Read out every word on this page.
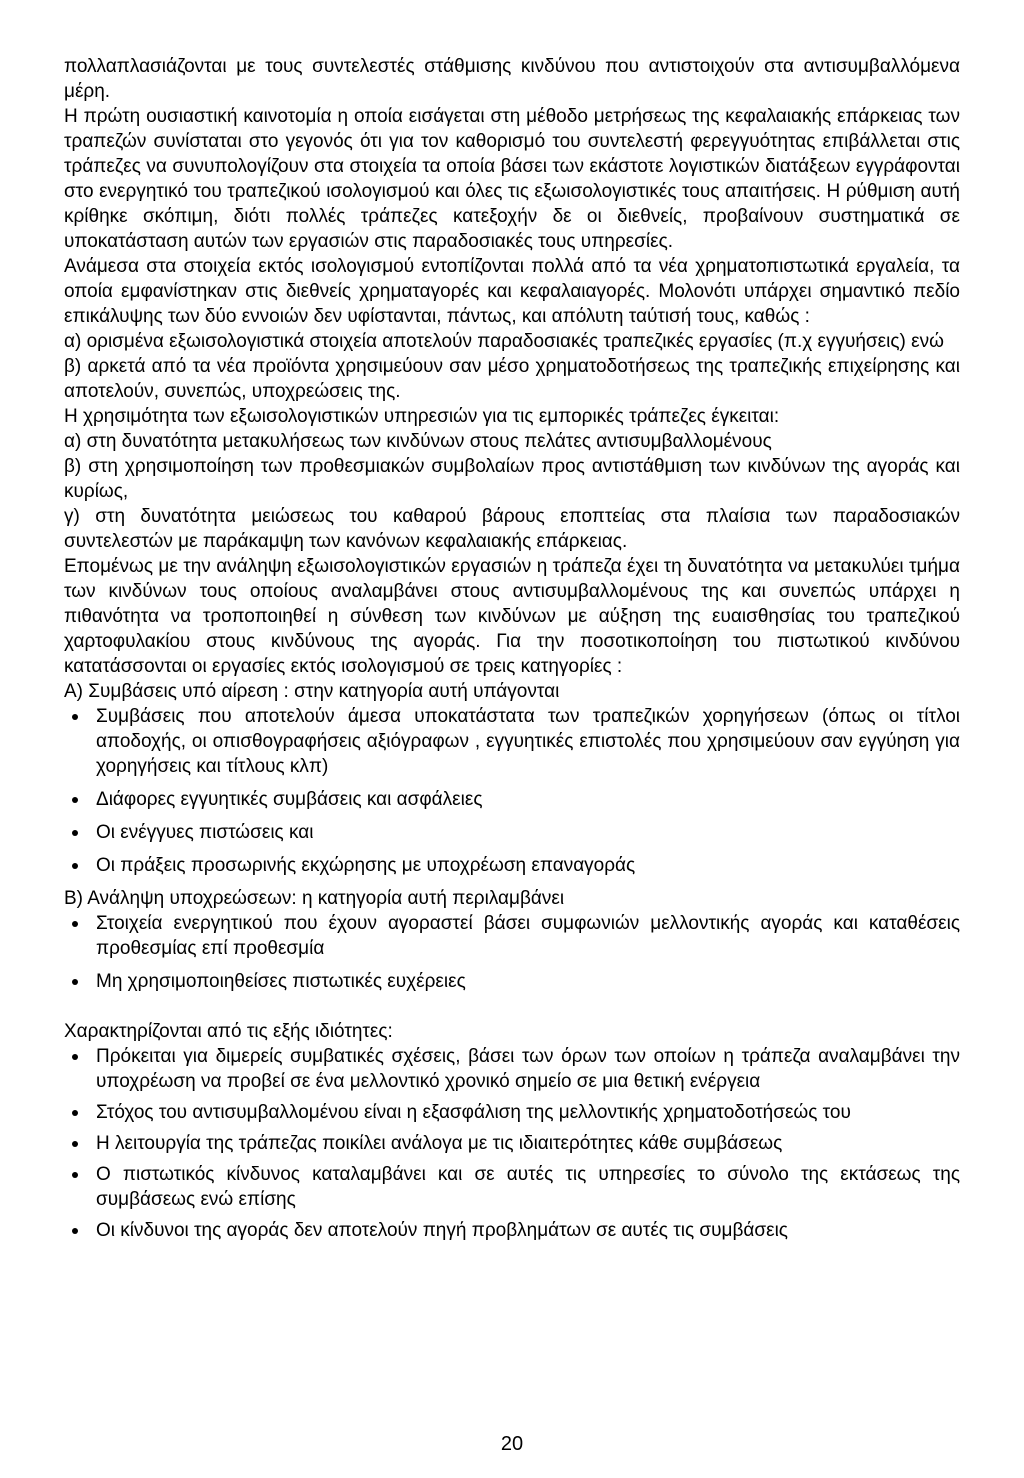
πολλαπλασιάζονται με τους συντελεστές στάθμισης κινδύνου που αντιστοιχούν στα αντισυμβαλλόμενα μέρη.

Η πρώτη ουσιαστική καινοτομία η οποία εισάγεται στη μέθοδο μετρήσεως της κεφαλαιακής επάρκειας των τραπεζών συνίσταται στο γεγονός ότι για τον καθορισμό του συντελεστή φερεγγυότητας επιβάλλεται στις τράπεζες να συνυπολογίζουν στα στοιχεία τα οποία βάσει των εκάστοτε λογιστικών διατάξεων εγγράφονται στο ενεργητικό του τραπεζικού ισολογισμού και όλες τις εξωισολογιστικές τους απαιτήσεις. Η ρύθμιση αυτή κρίθηκε σκόπιμη, διότι πολλές τράπεζες κατεξοχήν δε οι διεθνείς, προβαίνουν συστηματικά σε υποκατάσταση αυτών των εργασιών στις παραδοσιακές τους υπηρεσίες.

Ανάμεσα στα στοιχεία εκτός ισολογισμού εντοπίζονται πολλά από τα νέα χρηματοπιστωτικά εργαλεία, τα οποία εμφανίστηκαν στις διεθνείς χρηματαγορές και κεφαλαιαγορές. Μολονότι υπάρχει σημαντικό πεδίο επικάλυψης των δύο εννοιών δεν υφίστανται, πάντως, και απόλυτη ταύτισή τους, καθώς :

α) ορισμένα εξωισολογιστικά στοιχεία αποτελούν παραδοσιακές τραπεζικές εργασίες (π.χ εγγυήσεις) ενώ

β) αρκετά από τα νέα προϊόντα χρησιμεύουν σαν μέσο χρηματοδοτήσεως της τραπεζικής επιχείρησης και αποτελούν, συνεπώς, υποχρεώσεις της.

Η χρησιμότητα των εξωισολογιστικών υπηρεσιών για τις εμπορικές τράπεζες έγκειται:

α) στη δυνατότητα μετακυλήσεως των κινδύνων στους πελάτες αντισυμβαλλομένους

β) στη χρησιμοποίηση των προθεσμιακών συμβολαίων προς αντιστάθμιση των κινδύνων της αγοράς και κυρίως,

γ) στη δυνατότητα μειώσεως του καθαρού βάρους εποπτείας στα πλαίσια των παραδοσιακών συντελεστών με παράκαμψη των κανόνων κεφαλαιακής επάρκειας.

Επομένως με την ανάληψη εξωισολογιστικών εργασιών η τράπεζα έχει τη δυνατότητα να μετακυλύει τμήμα των κινδύνων τους οποίους αναλαμβάνει στους αντισυμβαλλομένους της και συνεπώς υπάρχει η πιθανότητα να τροποποιηθεί η σύνθεση των κινδύνων με αύξηση της ευαισθησίας του τραπεζικού χαρτοφυλακίου στους κινδύνους της αγοράς. Για την ποσοτικοποίηση του πιστωτικού κινδύνου κατατάσσονται οι εργασίες εκτός ισολογισμού σε τρεις κατηγορίες :

Α) Συμβάσεις υπό αίρεση : στην κατηγορία αυτή υπάγονται

Συμβάσεις που αποτελούν άμεσα υποκατάστατα των τραπεζικών χορηγήσεων (όπως οι τίτλοι αποδοχής, οι οπισθογραφήσεις αξιόγραφων , εγγυητικές επιστολές που χρησιμεύουν σαν εγγύηση για χορηγήσεις και τίτλους κλπ)
Διάφορες εγγυητικές συμβάσεις και ασφάλειες
Οι ενέγγυες πιστώσεις και
Οι πράξεις προσωρινής εκχώρησης με υποχρέωση επαναγοράς

Β) Ανάληψη υποχρεώσεων: η κατηγορία αυτή περιλαμβάνει

Στοιχεία ενεργητικού που έχουν αγοραστεί βάσει συμφωνιών μελλοντικής αγοράς και καταθέσεις προθεσμίας επί προθεσμία
Μη χρησιμοποιηθείσες πιστωτικές ευχέρειες

Χαρακτηρίζονται από τις εξής ιδιότητες:

Πρόκειται για διμερείς συμβατικές σχέσεις, βάσει των όρων των οποίων η τράπεζα αναλαμβάνει την υποχρέωση να προβεί σε ένα μελλοντικό χρονικό σημείο σε μια θετική ενέργεια
Στόχος του αντισυμβαλλομένου είναι η εξασφάλιση της μελλοντικής χρηματοδοτήσεώς του
Η λειτουργία της τράπεζας ποικίλει ανάλογα με τις ιδιαιτερότητες κάθε συμβάσεως
Ο πιστωτικός κίνδυνος καταλαμβάνει και σε αυτές τις υπηρεσίες το σύνολο της εκτάσεως της συμβάσεως ενώ επίσης
Οι κίνδυνοι της αγοράς δεν αποτελούν πηγή προβλημάτων σε αυτές τις συμβάσεις
20
